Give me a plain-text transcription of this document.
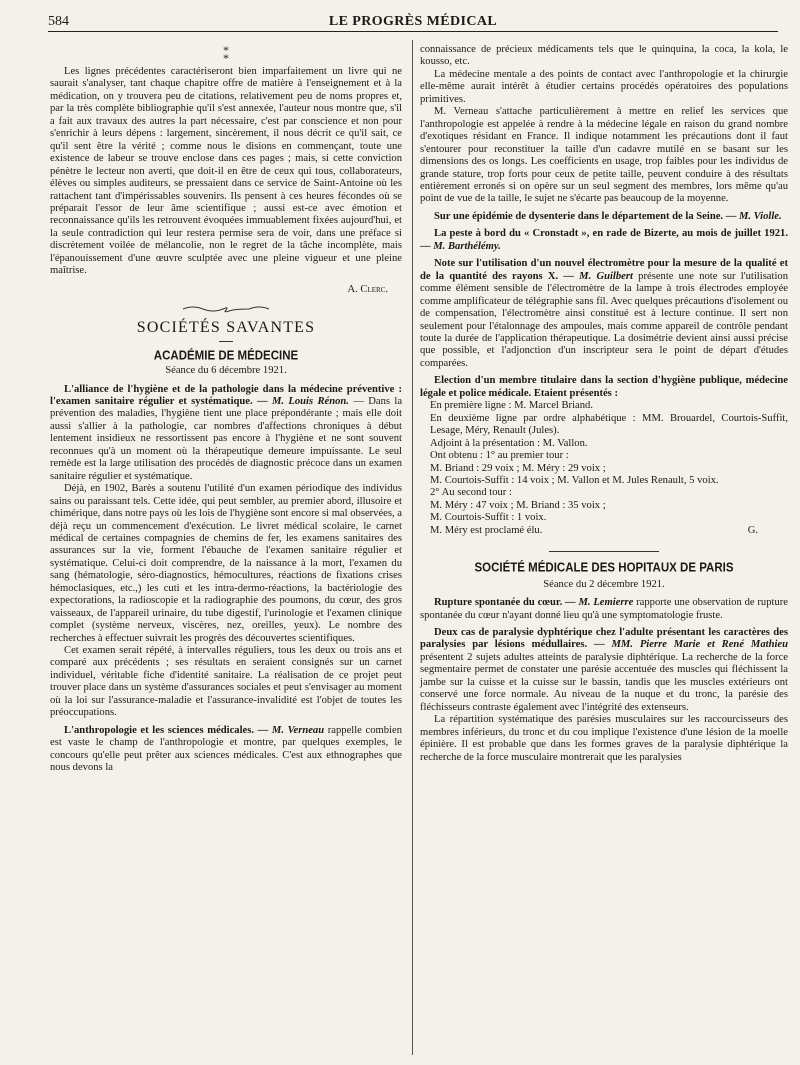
584	LE PROGRÈS MÉDICAL
*
*

Les lignes précédentes caractériseront bien imparfaitement un livre qui ne saurait s'analyser, tant chaque chapitre offre de matière à l'enseignement et à la médication, on y trouvera peu de citations, relativement peu de noms propres et, par la très complète bibliographie qu'il s'est annexée, l'auteur nous montre que, s'il a fait aux travaux des autres la part nécessaire, c'est par conscience et non pour s'enrichir à leurs dépens : largement, sincèrement, il nous décrit ce qu'il sait, ce qu'il sent être la vérité ; comme nous le disions en commençant, toute une existence de labeur se trouve enclose dans ces pages ; mais, si cette conviction pénètre le lecteur non averti, que doit-il en être de ceux qui tous, collaborateurs, élèves ou simples auditeurs, se pressaient dans ce service de Saint-Antoine où les rattachent tant d'impérissables souvenirs. Ils pensent à ces heures fécondes où se préparait l'essor de leur âme scientifique ; aussi est-ce avec émotion et reconnaissance qu'ils les retrouvent évoquées immuablement fixées aujourd'hui, et la seule contradiction qui leur restera permise sera de voir, dans une préface si discrètement voilée de mélancolie, non le regret de la tâche incomplète, mais l'épanouissement d'une œuvre sculptée avec une pleine vigueur et une pleine maîtrise.

A. Clerc.
SOCIÉTÉS SAVANTES
ACADÉMIE DE MÉDECINE
Séance du 6 décembre 1921.

L'alliance de l'hygiène et de la pathologie dans la médecine préventive : l'examen sanitaire régulier et systématique. — M. Louis Rénon. — Dans la prévention des maladies, l'hygiène tient une place prépondérante ; mais elle doit aussi s'allier à la pathologie, car nombres d'affections chroniques à début lentement insidieux ne ressortissent pas encore à l'hygiène et ne sont souvent reconnues qu'à un moment où la thérapeutique demeure impuissante. Le seul remède est la large utilisation des procédés de diagnostic précoce dans un examen sanitaire régulier et systématique.

Déjà, en 1902, Barès a soutenu l'utilité d'un examen périodique des individus sains ou paraissant tels. Cette idée, qui peut sembler, au premier abord, illusoire et chimérique, dans notre pays où les lois de l'hygiène sont encore si mal observées, a déjà reçu un commencement d'exécution. Le livret médical scolaire, le carnet médical de certaines compagnies de chemins de fer, les examens sanitaires des assurances sur la vie, forment l'ébauche de l'examen sanitaire régulier et systématique. Celui-ci doit comprendre, de la naissance à la mort, l'examen du sang (hématologie, séro-diagnostics, hémocultures, réactions de fixations crises hémoclasiques, etc.,) les cuti et les intra-dermo-réactions, la bactériologie des expectorations, la radioscopie et la radiographie des poumons, du cœur, des gros vaisseaux, de l'appareil urinaire, du tube digestif, l'urinologie et l'examen clinique complet (système nerveux, viscères, nez, oreilles, yeux). Le nombre des recherches à effectuer suivrait les progrès des découvertes scientifiques.

Cet examen serait répété, à intervalles réguliers, tous les deux ou trois ans et comparé aux précédents ; ses résultats en seraient consignés sur un carnet individuel, véritable fiche d'identité sanitaire. La réalisation de ce projet peut trouver place dans un système d'assurances sociales et peut s'envisager au moment où la loi sur l'assurance-maladie et l'assurance-invalidité est l'objet de toutes les préoccupations.

L'anthropologie et les sciences médicales. — M. Verneau rappelle combien est vaste le champ de l'anthropologie et montre, par quelques exemples, le concours qu'elle peut prêter aux sciences médicales. C'est aux ethnographes que nous devons la

connaissance de précieux médicaments tels que le quinquina, la coca, la kola, le kousso, etc.

La médecine mentale a des points de contact avec l'anthropologie et la chirurgie elle-même aurait intérêt à étudier certains procédés opératoires des populations primitives.

M. Verneau s'attache particulièrement à mettre en relief les services que l'anthropologie est appelée à rendre à la médecine légale en raison du grand nombre d'exotiques résidant en France. Il indique notamment les précautions dont il faut s'entourer pour reconstituer la taille d'un cadavre mutilé en se basant sur les dimensions des os longs. Les coefficients en usage, trop faibles pour les individus de grande stature, trop forts pour ceux de petite taille, peuvent conduire à des résultats entièrement erronés si on opère sur un seul segment des membres, lors même qu'au point de vue de la taille, le sujet ne s'écarte pas beaucoup de la moyenne.

Sur une épidémie de dysenterie dans le département de la Seine. — M. Violle.

La peste à bord du « Cronstadt », en rade de Bizerte, au mois de juillet 1921. — M. Barthélémy.

Note sur l'utilisation d'un nouvel électromètre pour la mesure de la qualité et de la quantité des rayons X. — M. Guilbert présente une note sur l'utilisation comme élément sensible de l'électromètre de la lampe à trois électrodes employée comme amplificateur de télégraphie sans fil. Avec quelques précautions d'isolement ou de compensation, l'électromètre ainsi constitué est à lecture continue. Il sert non seulement pour l'étalonnage des ampoules, mais comme appareil de contrôle pendant toute la durée de l'application thérapeutique. La dosimétrie devient ainsi aussi précise que possible, et l'adjonction d'un inscripteur sera le point de départ d'études comparées.

Election d'un membre titulaire dans la section d'hygiène publique, médecine légale et police médicale. Etaient présentés :

En première ligne : M. Marcel Briand.

En deuxième ligne par ordre alphabétique : MM. Brouardel, Courtois-Suffit, Lesage, Méry, Renault (Jules).

Adjoint à la présentation : M. Vallon.

Ont obtenu : 1° au premier tour :

M. Briand : 29 voix ; M. Méry : 29 voix ;

M. Courtois-Suffit : 14 voix ; M. Vallon et M. Jules Renault, 5 voix.

2° Au second tour :

M. Méry : 47 voix ; M. Briand : 35 voix ;

M. Courtois-Suffit : 1 voix.

M. Méry est proclamé élu.	G.
SOCIÉTÉ MÉDICALE DES HOPITAUX DE PARIS
Séance du 2 décembre 1921.

Rupture spontanée du cœur. — M. Lemierre rapporte une observation de rupture spontanée du cœur n'ayant donné lieu qu'à une symptomatologie fruste.

Deux cas de paralysie dyphtérique chez l'adulte présentant les caractères des paralysies par lésions médullaires. — MM. Pierre Marie et René Mathieu présentent 2 sujets adultes atteints de paralysie diphtérique. La recherche de la force segmentaire permet de constater une parésie accentuée des muscles qui fléchissent la jambe sur la cuisse et la cuisse sur le bassin, tandis que les muscles extérieurs ont conservé une force normale. Au niveau de la nuque et du tronc, la parésie des fléchisseurs contraste également avec l'intégrité des extenseurs.

La répartition systématique des parésies musculaires sur les raccourcisseurs des membres inférieurs, du tronc et du cou implique l'existence d'une lésion de la moelle épinière. Il est probable que dans les formes graves de la paralysie diphtérique la recherche de la force musculaire montrerait que les paralysies
